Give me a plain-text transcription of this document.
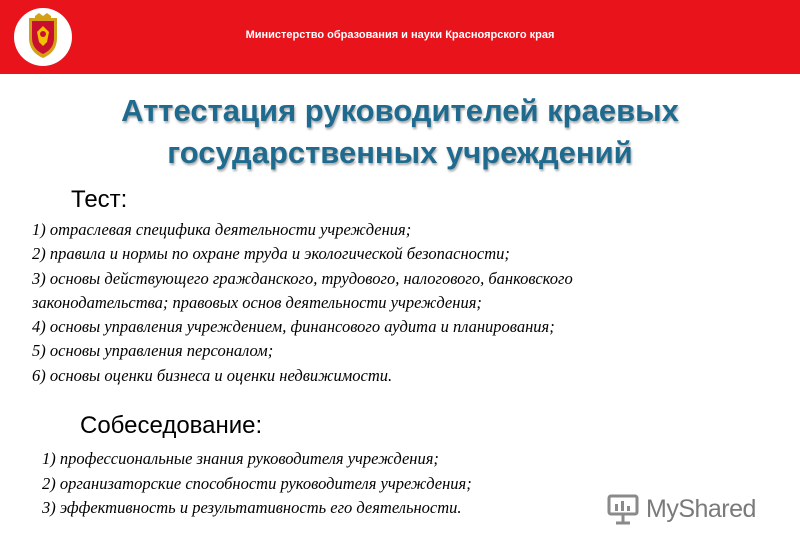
Министерство образования и науки Красноярского края
Аттестация руководителей краевых
государственных учреждений
Тест:
1) отраслевая специфика деятельности учреждения;
2) правила и нормы по охране труда и экологической безопасности;
3) основы действующего гражданского, трудового, налогового, банковского
законодательства; правовых основ деятельности учреждения;
4) основы управления учреждением, финансового аудита и планирования;
5) основы управления персоналом;
6) основы оценки бизнеса и оценки недвижимости.
Собеседование:
1) профессиональные знания руководителя учреждения;
2) организаторские способности руководителя учреждения;
3) эффективность и результативность его деятельности.	MyShared
